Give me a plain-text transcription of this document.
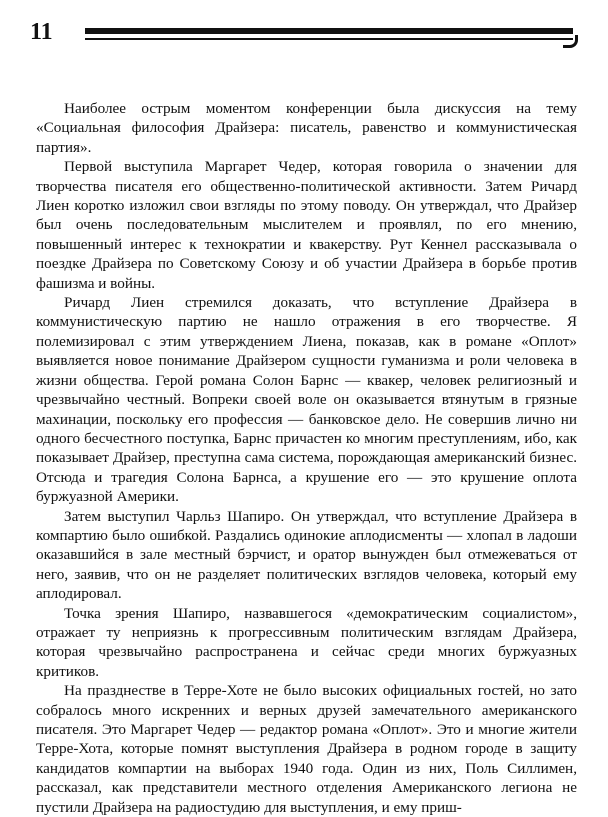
11

Наиболее острым моментом конференции была дискуссия на тему «Социальная философия Драйзера: писатель, равенство и коммунистическая партия».

Первой выступила Маргарет Чедер, которая говорила о значении для творчества писателя его общественно-политической активности. Затем Ричард Лиен коротко изложил свои взгляды по этому поводу. Он утверждал, что Драйзер был очень последовательным мыслителем и проявлял, по его мнению, повышенный интерес к технократии и квакерству. Рут Кеннел рассказывала о поездке Драйзера по Советскому Союзу и об участии Драйзера в борьбе против фашизма и войны.

Ричард Лиен стремился доказать, что вступление Драйзера в коммунистическую партию не нашло отражения в его творчестве. Я полемизировал с этим утверждением Лиена, показав, как в романе «Оплот» выявляется новое понимание Драйзером сущности гуманизма и роли человека в жизни общества. Герой романа Солон Барнс — квакер, человек религиозный и чрезвычайно честный. Вопреки своей воле он оказывается втянутым в грязные махинации, поскольку его профессия — банковское дело. Не совершив лично ни одного бесчестного поступка, Барнс причастен ко многим преступлениям, ибо, как показывает Драйзер, преступна сама система, порождающая американский бизнес. Отсюда и трагедия Солона Барнса, а крушение его — это крушение оплота буржуазной Америки.

Затем выступил Чарльз Шапиро. Он утверждал, что вступление Драйзера в компартию было ошибкой. Раздались одинокие аплодисменты — хлопал в ладоши оказавшийся в зале местный бэрчист, и оратор вынужден был отмежеваться от него, заявив, что он не разделяет политических взглядов человека, который ему аплодировал.

Точка зрения Шапиро, назвавшегося «демократическим социалистом», отражает ту неприязнь к прогрессивным политическим взглядам Драйзера, которая чрезвычайно распространена и сейчас среди многих буржуазных критиков.

На празднестве в Терре-Хоте не было высоких официальных гостей, но зато собралось много искренних и верных друзей замечательного американского писателя. Это Маргарет Чедер — редактор романа «Оплот». Это и многие жители Терре-Хота, которые помнят выступления Драйзера в родном городе в защиту кандидатов компартии на выборах 1940 года. Один из них, Поль Силлимен, рассказал, как представители местного отделения Американского легиона не пустили Драйзера на радиостудию для выступления, и ему приш-
